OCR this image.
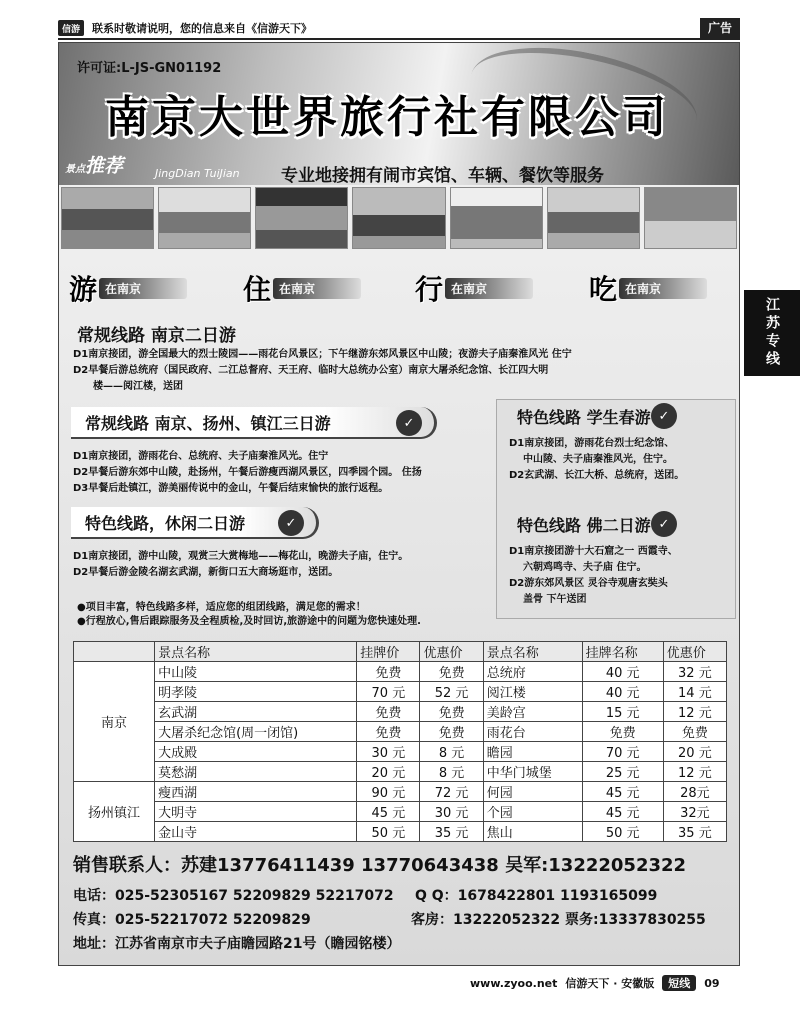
信游	联系时敬请说明，您的信息来自《信游天下》	广告
江苏专线
许可证:L-JS-GN01192
南京大世界旅行社有限公司
景点推荐	JingDian TuiJian 专业地接拥有闹市宾馆、车辆、餐饮等服务
游 在南京	住 在南京	行 在南京	吃 在南京
常规线路 南京二日游
D1南京接团，游全国最大的烈士陵园——雨花台风景区；下午继游东郊风景区中山陵；夜游夫子庙秦淮风光 住宁
D2早餐后游总统府（国民政府、二江总督府、天王府、临时大总统办公室）南京大屠杀纪念馆、长江四大明
楼——阅江楼，送团
常规线路 南京、扬州、镇江三日游	✓
D1南京接团，游雨花台、总统府、夫子庙秦淮风光。住宁
D2早餐后游东郊中山陵，赴扬州，午餐后游瘦西湖风景区，四季园个园。 住扬
D3早餐后赴镇江，游美丽传说中的金山，午餐后结束愉快的旅行返程。
特色线路，休闲二日游	✓
D1南京接团，游中山陵，观赏三大赏梅地——梅花山，晚游夫子庙，住宁。
D2早餐后游金陵名湖玄武湖，新街口五大商场逛市，送团。
特色线路 学生春游 ✓
D1南京接团，游雨花台烈士纪念馆、
中山陵、夫子庙秦淮风光，住宁。
D2玄武湖、长江大桥、总统府，送团。
特色线路 佛二日游 ✓
D1南京接团游十大石窟之一 西霞寺、
六朝鸡鸣寺、夫子庙 住宁。
D2游东郊风景区 灵谷寺观唐玄奘头
盖骨 下午送团
●项目丰富，特色线路多样，适应您的组团线路，满足您的需求！
●行程放心,售后跟踪服务及全程质检,及时回访,旅游途中的问题为您快速处理.
	景点名称	挂牌价	优惠价	景点名称	挂牌名称	优惠价
南京	中山陵	免费	免费	总统府	40 元	32 元
	明孝陵	70 元	52 元	阅江楼	40 元	14 元
	玄武湖	免费	免费	美龄宫	15 元	12 元
	大屠杀纪念馆(周一闭馆)	免费	免费	雨花台	免费	免费
	大成殿	30 元	8 元	瞻园	70 元	20 元
	莫愁湖	20 元	8 元	中华门城堡	25 元	12 元
扬州镇江	瘦西湖	90 元	72 元	何园	45 元	28元
	大明寺	45 元	30 元	个园	45 元	32元
	金山寺	50 元	35 元	焦山	50 元	35 元
销售联系人：苏建13776411439 13770643438 吴军:13222052322
电话：025-52305167 52209829 52217072 Q Q：1678422801 1193165099
传真：025-52217072 52209829	客房：13222052322 票务:13337830255
地址：江苏省南京市夫子庙瞻园路21号（瞻园铭楼）
www.zyoo.net 信游天下 · 安徽版	短线	09
